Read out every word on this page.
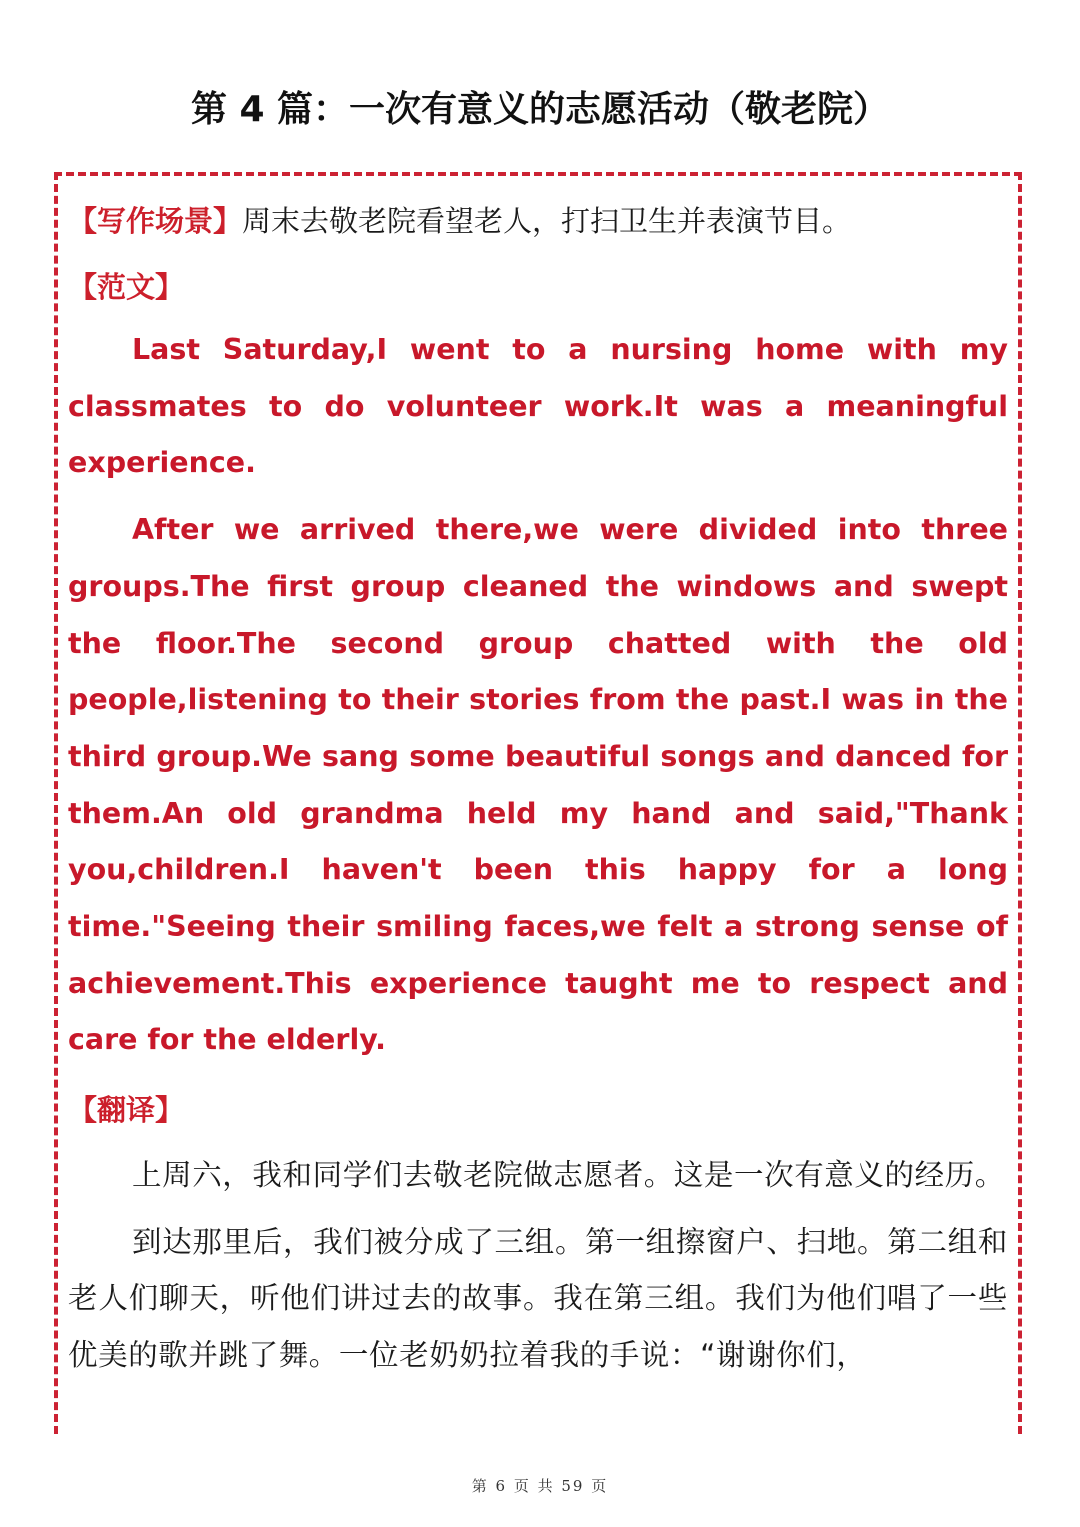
第 4 篇：一次有意义的志愿活动（敬老院）

【写作场景】周末去敬老院看望老人，打扫卫生并表演节目。

【范文】

Last Saturday,I went to a nursing home with my classmates to do volunteer work.It was a meaningful experience.

After we arrived there,we were divided into three groups.The first group cleaned the windows and swept the floor.The second group chatted with the old people,listening to their stories from the past.I was in the third group.We sang some beautiful songs and danced for them.An old grandma held my hand and said,"Thank you,children.I haven't been this happy for a long time."Seeing their smiling faces,we felt a strong sense of achievement.This experience taught me to respect and care for the elderly.

【翻译】

上周六，我和同学们去敬老院做志愿者。这是一次有意义的经历。

到达那里后，我们被分成了三组。第一组擦窗户、扫地。第二组和老人们聊天，听他们讲过去的故事。我在第三组。我们为他们唱了一些优美的歌并跳了舞。一位老奶奶拉着我的手说：“谢谢你们，

第 6 页 共 59 页
